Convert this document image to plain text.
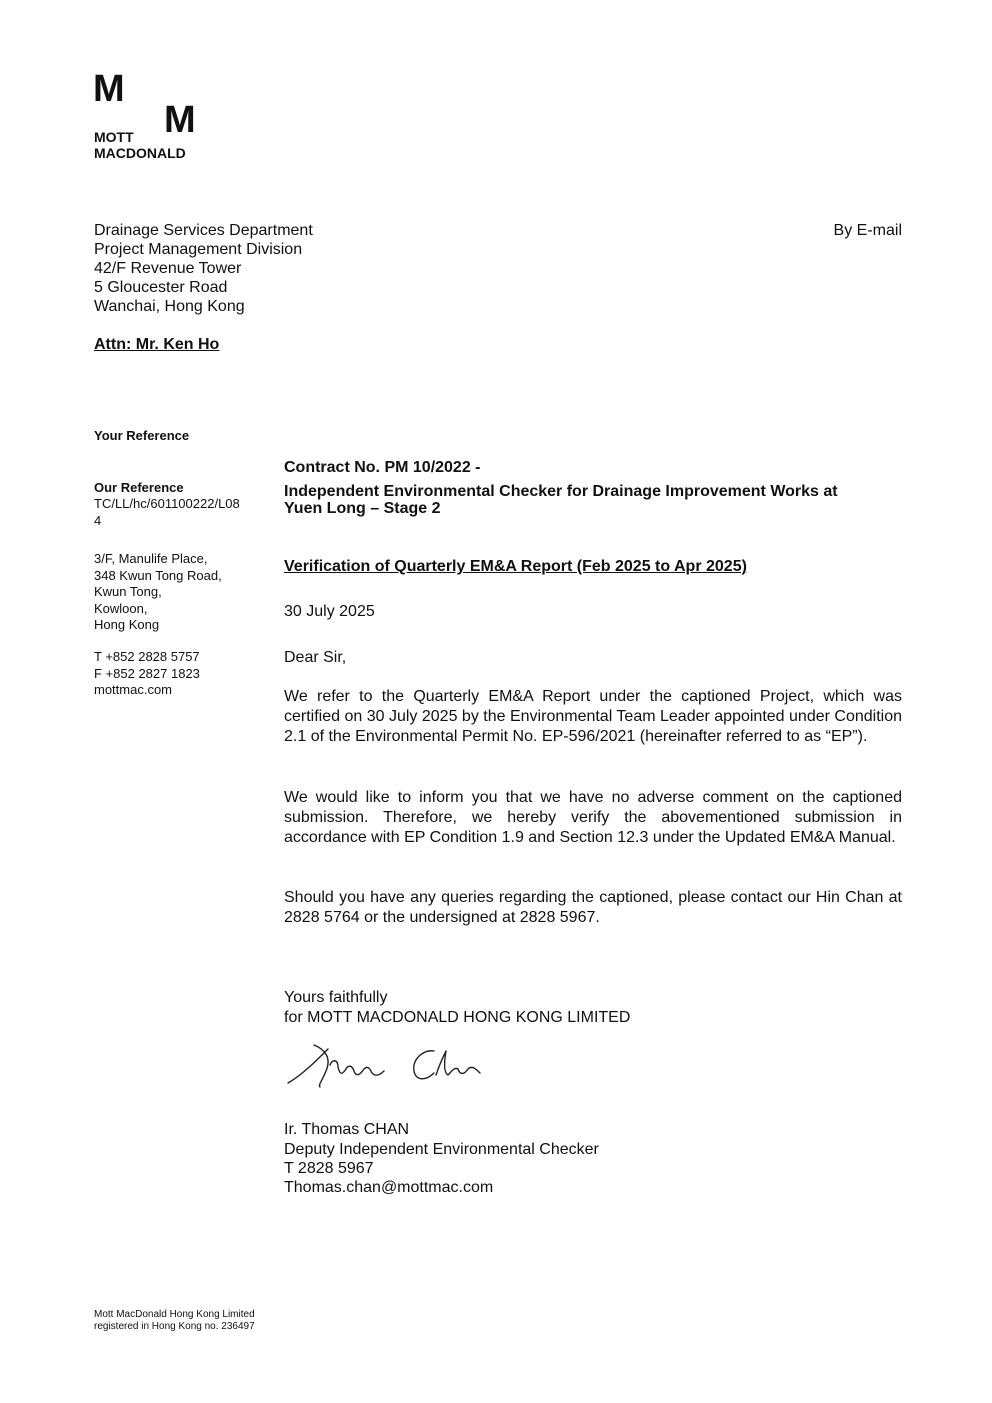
M
M
MOTT
MACDONALD
Drainage Services Department
Project Management Division
42/F Revenue Tower
5 Gloucester Road
Wanchai, Hong Kong
By E-mail
Attn: Mr. Ken Ho
Your Reference
Our Reference
TC/LL/hc/601100222/L08
4
3/F, Manulife Place,
348 Kwun Tong Road,
Kwun Tong,
Kowloon,
Hong Kong
T +852 2828 5757
F +852 2827 1823
mottmac.com
Contract No. PM 10/2022 -
Independent Environmental Checker for Drainage Improvement Works at
Yuen Long – Stage 2
Verification of Quarterly EM&A Report (Feb 2025 to Apr 2025)
30 July 2025
Dear Sir,
We refer to the Quarterly EM&A Report under the captioned Project, which was certified on 30 July 2025 by the Environmental Team Leader appointed under Condition 2.1 of the Environmental Permit No. EP-596/2021 (hereinafter referred to as “EP”).
We would like to inform you that we have no adverse comment on the captioned submission. Therefore, we hereby verify the abovementioned submission in accordance with EP Condition 1.9 and Section 12.3 under the Updated EM&A Manual.
Should you have any queries regarding the captioned, please contact our Hin Chan at 2828 5764 or the undersigned at 2828 5967.
Yours faithfully
for MOTT MACDONALD HONG KONG LIMITED
Ir. Thomas CHAN
Deputy Independent Environmental Checker
T 2828 5967
Thomas.chan@mottmac.com
Mott MacDonald Hong Kong Limited
registered in Hong Kong no. 236497
